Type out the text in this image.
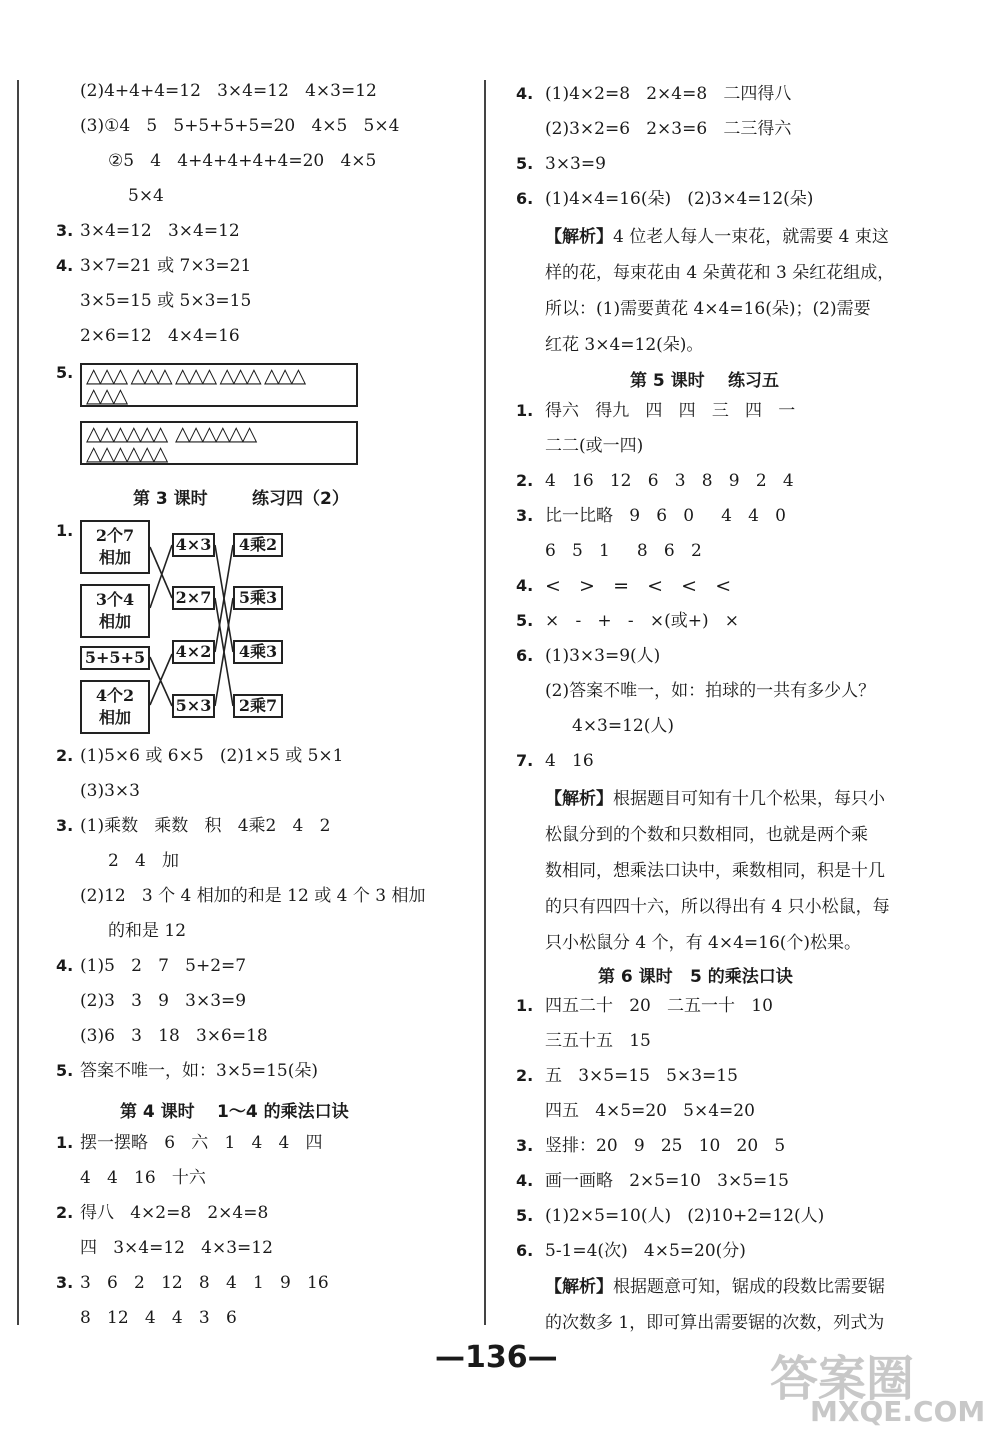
(2)4+4+4=12   3×4=12   4×3=12
(3)①4   5   5+5+5+5=20   4×5   5×4
②5   4   4+4+4+4+4=20   4×5
5×4
3. 3×4=12   3×4=12
4. 3×7=21 或 7×3=21
3×5=15 或 5×3=15
2×6=12   4×4=16
5. △△△ △△△ △△△ △△△ △△△
△△△
△△△△△△  △△△△△△
△△△△△△
第 3 课时	练习四（2）
1.	2个7
相加
3个4
相加
5+5+5
4个2
相加
4×3
2×7
4×2
5×3
4乘2
5乘3
4乘3
2乘7
2. (1)5×6 或 6×5   (2)1×5 或 5×1
(3)3×3
3. (1)乘数   乘数   积   4乘2   4   2
2   4   加
(2)12   3 个 4 相加的和是 12 或 4 个 3 相加
的和是 12
4. (1)5   2   7   5+2=7
(2)3   3   9   3×3=9
(3)6   3   18   3×6=18
5. 答案不唯一，如：3×5=15(朵)
第 4 课时 1～4 的乘法口诀
1. 摆一摆略   6   六   1   4   4   四
4   4   16   十六
2. 得八   4×2=8   2×4=8
四   3×4=12   4×3=12
3. 3   6   2   12   8   4   1   9   16
8   12   4   4   3   6
4. (1)4×2=8   2×4=8   二四得八
(2)3×2=6   2×3=6   二三得六
5. 3×3=9
6. (1)4×4=16(朵)   (2)3×4=12(朵)
【解析】4 位老人每人一束花，就需要 4 束这
样的花，每束花由 4 朵黄花和 3 朵红花组成，
所以：(1)需要黄花 4×4=16(朵)；(2)需要
红花 3×4=12(朵)。
第 5 课时 练习五
1. 得六   得九   四   四   三   四   一
二二(或一四)
2. 4   16   12   6   3   8   9   2   4
3. 比一比略   9   6   0     4   4   0
6   5   1     8   6   2
4. <   >   =   <   <   <
5. ×   -   +   -   ×(或+)   ×
6. (1)3×3=9(人)
(2)答案不唯一，如：拍球的一共有多少人？
4×3=12(人)
7. 4   16
【解析】根据题目可知有十几个松果，每只小
松鼠分到的个数和只数相同，也就是两个乘
数相同，想乘法口诀中，乘数相同，积是十几
的只有四四十六，所以得出有 4 只小松鼠，每
只小松鼠分 4 个，有 4×4=16(个)松果。
第 6 课时 5 的乘法口诀
1. 四五二十   20   二五一十   10
三五十五   15
2. 五   3×5=15   5×3=15
四五   4×5=20   5×4=20
3. 竖排：20   9   25   10   20   5
4. 画一画略   2×5=10   3×5=15
5. (1)2×5=10(人)   (2)10+2=12(人)
6. 5-1=4(次)   4×5=20(分)
【解析】根据题意可知，锯成的段数比需要锯
的次数多 1，即可算出需要锯的次数，列式为
—136—	答案圈
MXQE.COM
